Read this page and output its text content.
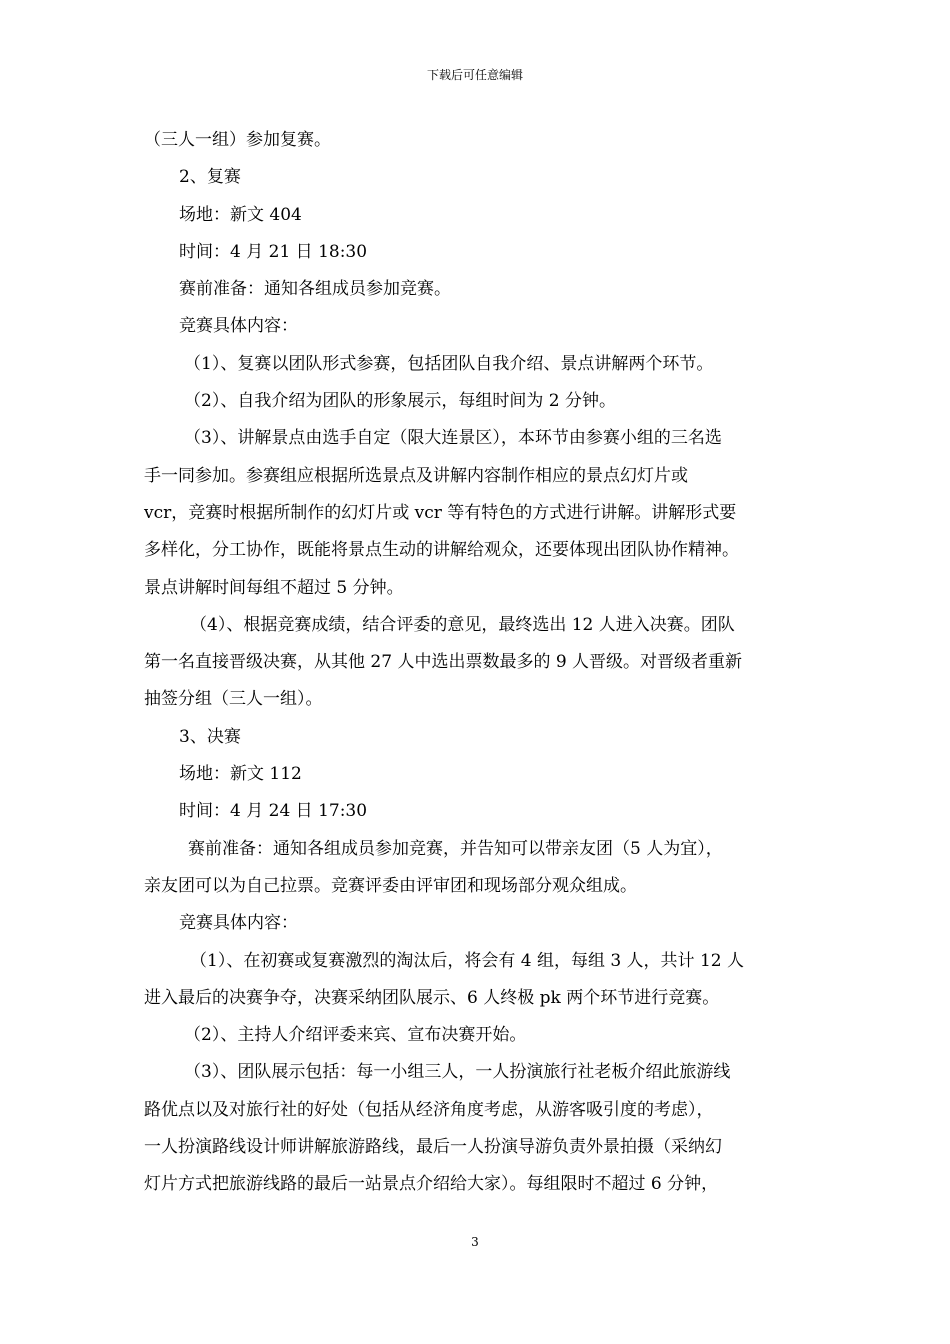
下载后可任意编辑
（三人一组）参加复赛。
2、复赛
场地：新文 404
时间：4 月 21 日 18:30
赛前准备：通知各组成员参加竞赛。
竞赛具体内容：
（1）、复赛以团队形式参赛，包括团队自我介绍、景点讲解两个环节。
（2）、自我介绍为团队的形象展示，每组时间为 2 分钟。
（3）、讲解景点由选手自定（限大连景区），本环节由参赛小组的三名选
手一同参加。参赛组应根据所选景点及讲解内容制作相应的景点幻灯片或
vcr，竞赛时根据所制作的幻灯片或 vcr 等有特色的方式进行讲解。讲解形式要
多样化，分工协作，既能将景点生动的讲解给观众，还要体现出团队协作精神。
景点讲解时间每组不超过 5 分钟。
（4）、根据竞赛成绩，结合评委的意见，最终选出 12 人进入决赛。团队
第一名直接晋级决赛，从其他 27 人中选出票数最多的 9 人晋级。对晋级者重新
抽签分组（三人一组）。
3、决赛
场地：新文 112
时间：4 月 24 日 17:30
赛前准备：通知各组成员参加竞赛，并告知可以带亲友团（5 人为宜），
亲友团可以为自己拉票。竞赛评委由评审团和现场部分观众组成。
竞赛具体内容：
（1）、在初赛或复赛激烈的淘汰后，将会有 4 组，每组 3 人，共计 12 人
进入最后的决赛争夺，决赛采纳团队展示、6 人终极 pk 两个环节进行竞赛。
（2）、主持人介绍评委来宾、宣布决赛开始。
（3）、团队展示包括：每一小组三人，一人扮演旅行社老板介绍此旅游线
路优点以及对旅行社的好处（包括从经济角度考虑，从游客吸引度的考虑），
一人扮演路线设计师讲解旅游路线，最后一人扮演导游负责外景拍摄（采纳幻
灯片方式把旅游线路的最后一站景点介绍给大家）。每组限时不超过 6 分钟，
3
